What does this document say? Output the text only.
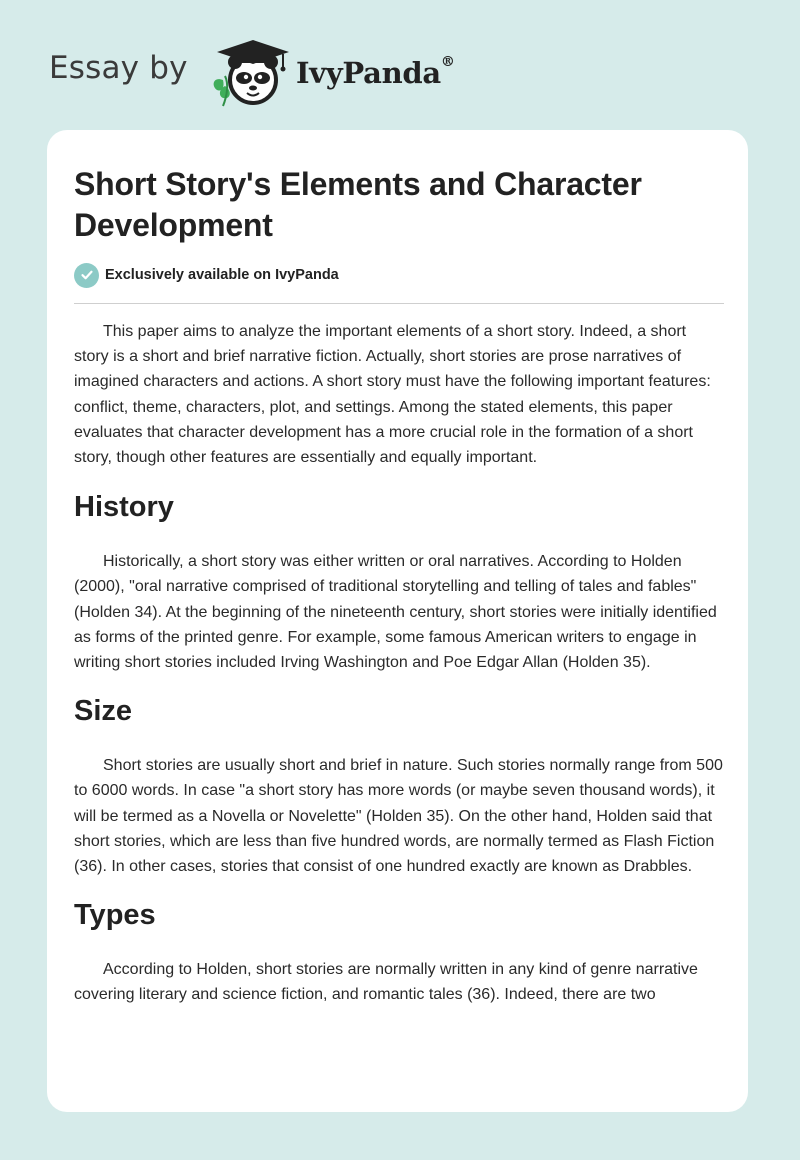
Essay by	IvyPanda®
Short Story's Elements and Character Development
Exclusively available on IvyPanda

This paper aims to analyze the important elements of a short story. Indeed, a short story is a short and brief narrative fiction. Actually, short stories are prose narratives of imagined characters and actions. A short story must have the following important features: conflict, theme, characters, plot, and settings. Among the stated elements, this paper evaluates that character development has a more crucial role in the formation of a short story, though other features are essentially and equally important.

History

Historically, a short story was either written or oral narratives. According to Holden (2000), "oral narrative comprised of traditional storytelling and telling of tales and fables" (Holden 34). At the beginning of the nineteenth century, short stories were initially identified as forms of the printed genre. For example, some famous American writers to engage in writing short stories included Irving Washington and Poe Edgar Allan (Holden 35).

Size

Short stories are usually short and brief in nature. Such stories normally range from 500 to 6000 words. In case "a short story has more words (or maybe seven thousand words), it will be termed as a Novella or Novelette" (Holden 35). On the other hand, Holden said that short stories, which are less than five hundred words, are normally termed as Flash Fiction (36). In other cases, stories that consist of one hundred exactly are known as Drabbles.

Types

According to Holden, short stories are normally written in any kind of genre narrative covering literary and science fiction, and romantic tales (36). Indeed, there are two
